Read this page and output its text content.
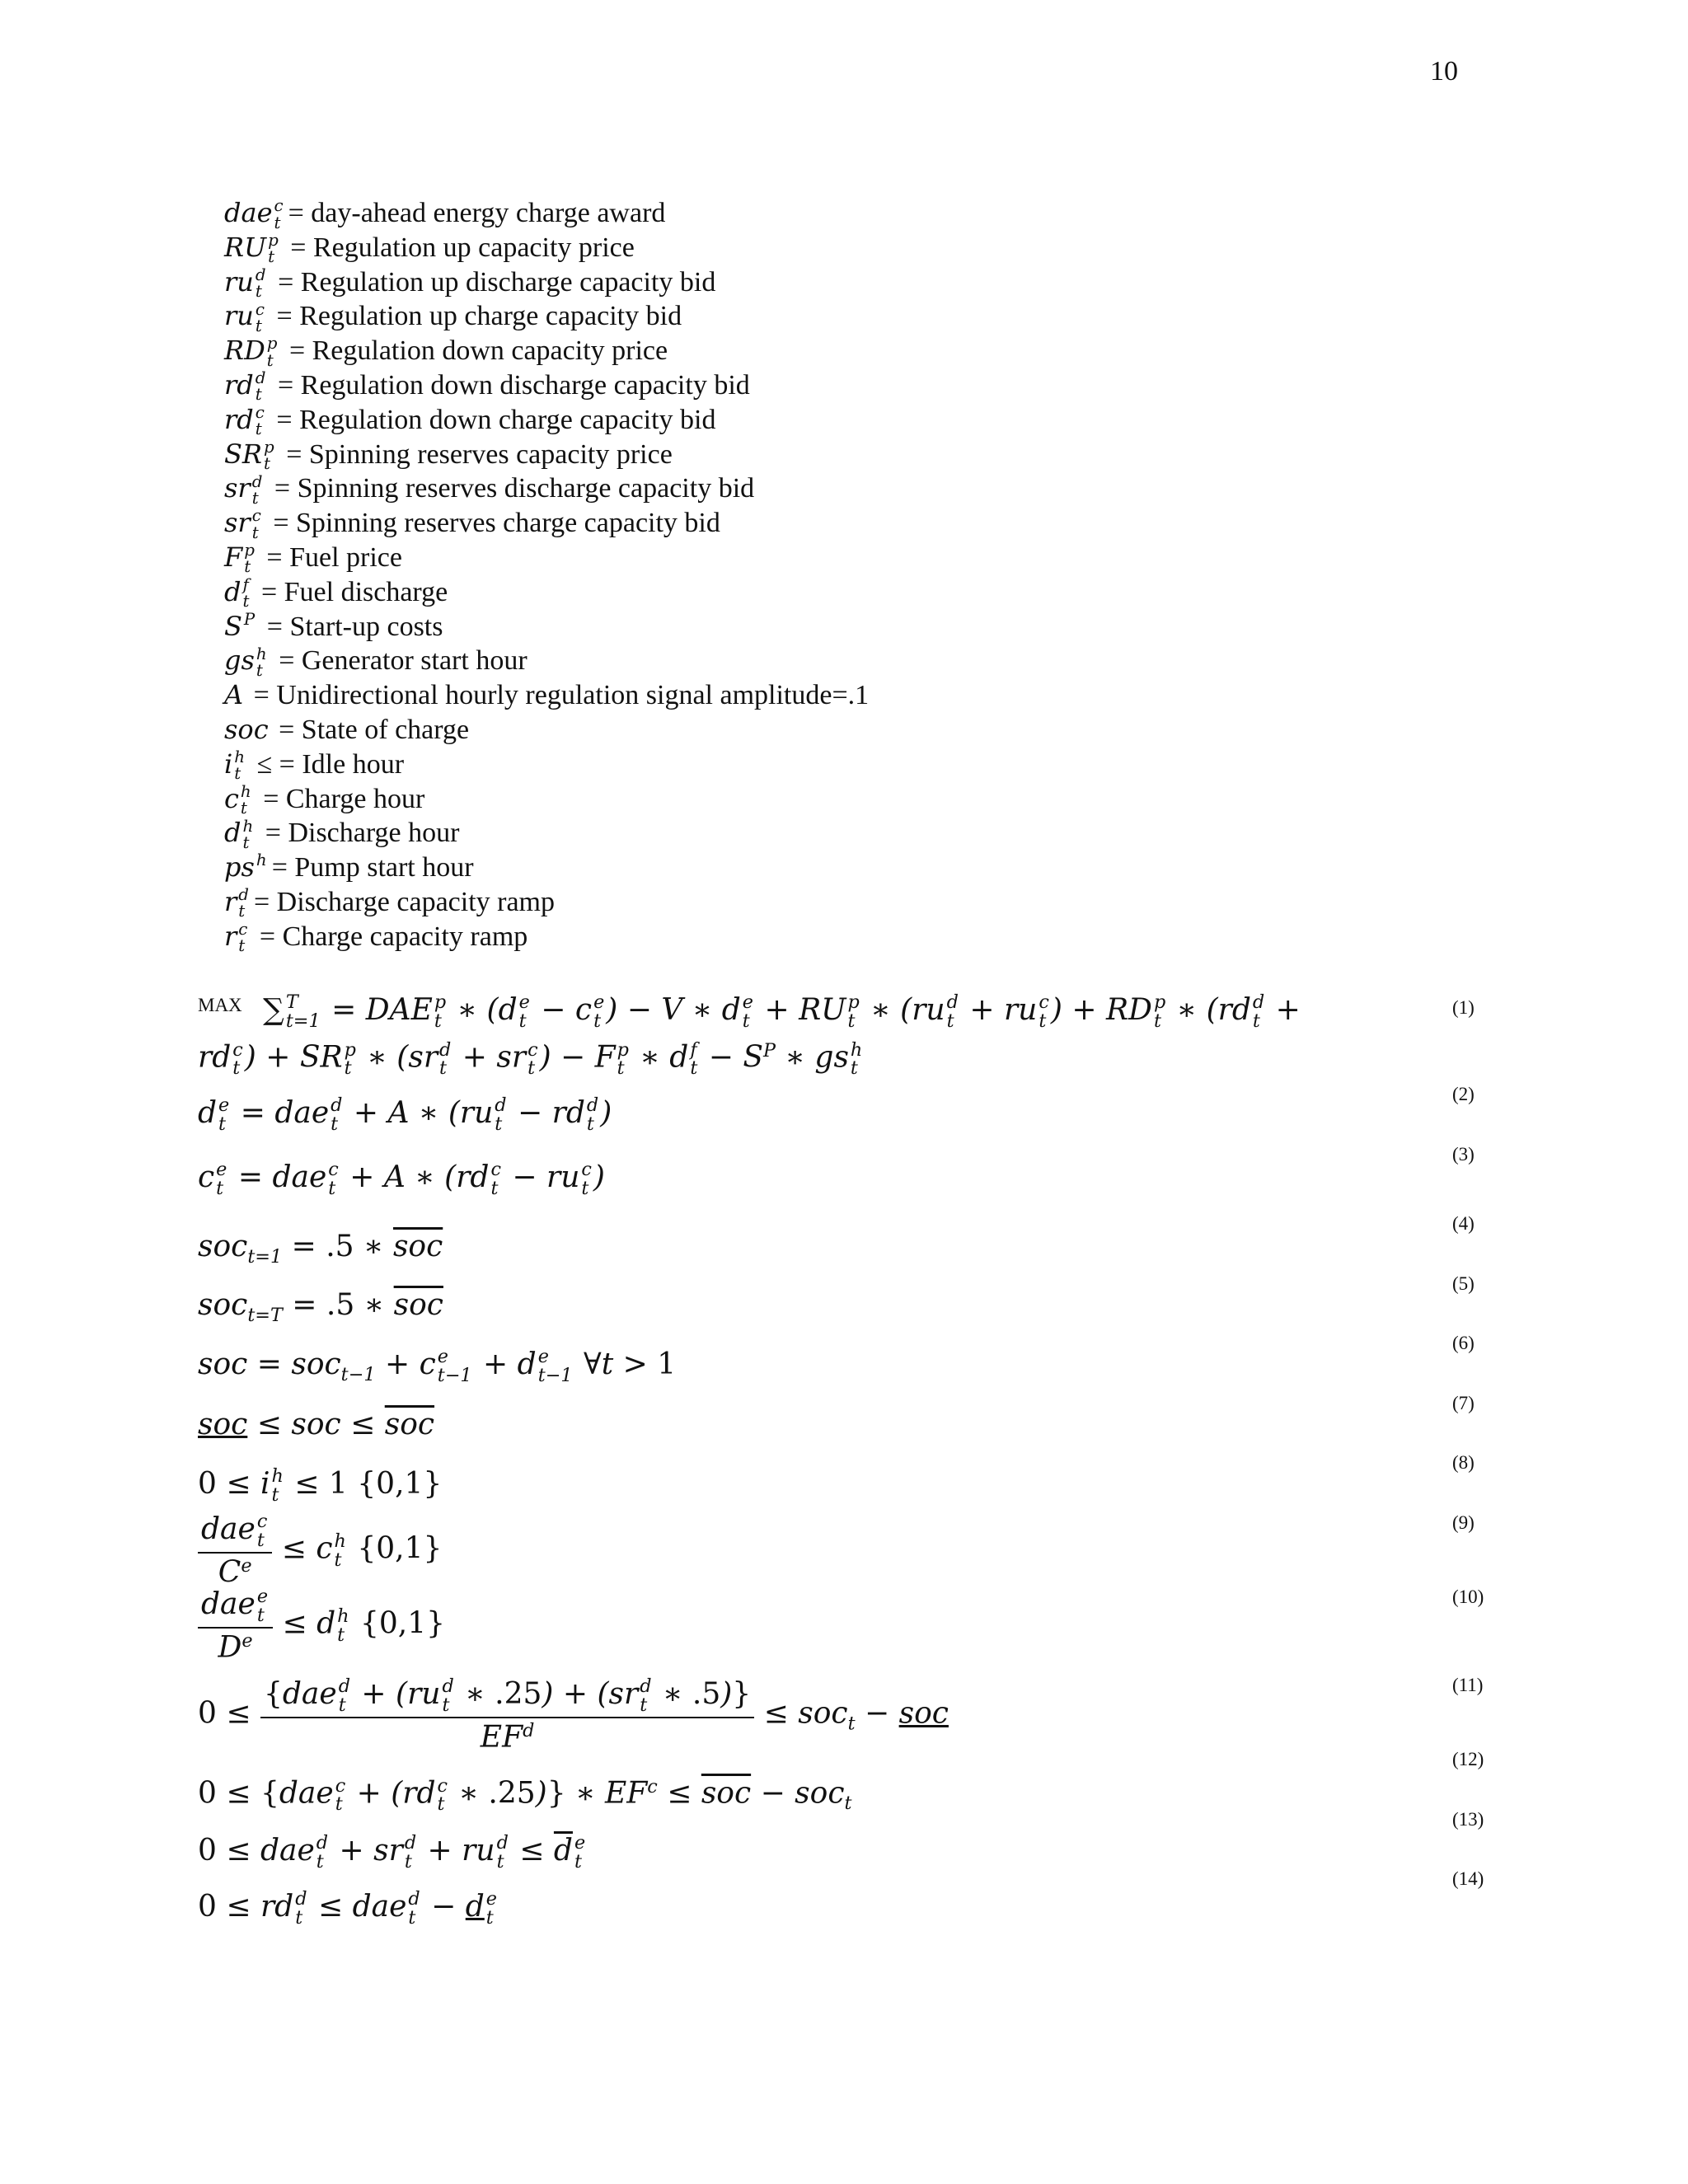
10
dae c
t = day-ahead energy charge award
RU p
t = Regulation up capacity price
ru d
t = Regulation up discharge capacity bid
ru c
t = Regulation up charge capacity bid
RD p
t = Regulation down capacity price
rd d
t = Regulation down discharge capacity bid
rd c
t = Regulation down charge capacity bid
SR p
t = Spinning reserves capacity price
sr d
t = Spinning reserves discharge capacity bid
sr c
t = Spinning reserves charge capacity bid
F p
t = Fuel price
d f
t = Fuel discharge
S P
= Start-up costs
gs h
t = Generator start hour
A = Unidirectional hourly regulation signal amplitude=.1
soc = State of charge
i h
t ≤ = Idle hour
c h
t = Charge hour
d h
t = Discharge hour
ps h
= Pump start hour
r d
t = Discharge capacity ramp
r c
t = Charge capacity ramp
$^{MAX}$ ∑ T
t=1 = DAE p
t ∗ (d e
t − c e
t ) − V ∗ d e
t + RU p
t ∗ (ru d
t + ru c
t ) + RD p
t ∗ (rd d
t +
rd c
t ) + SR p
t ∗ (sr d
t + sr c
t ) − F p
t ∗ d f
$t - S^P$ ∗ gs h
t
(1)
d e
t = dae d
t + A ∗ (ru d
t − rd d
t )
(2)
c e
t = dae c
t + A ∗ (rd c
t − ru c
t )
(3)
soc$_{t=1}$ = .5 ∗ $\overline{soc}$
(4)
soc$_{t=T}$ = .5 ∗ $\overline{soc}$
(5)
soc = soc$_{t-1}$ + c e
t−1 + d e
t−1 ∀t > 1
(6)
soc ≤ soc ≤ $\overline{soc}$
(7)
0 ≤ i h
t ≤ 1 {0,1}
(8)
dae c
t
$C^e \le c$ h
t {0,1}
(9)
dae e
t
$D^e \le d$ h
t {0,1}
(10)
0 ≤ {dae d
t + (ru d
t ∗ .25) + (sr d
t ∗ .5)}
$EF^d \le soc_t$ − soc
(11)
0 ≤ {dae c
t + (rd c
t ∗ .25)} ∗ $EF^c \le \overline{soc} - soc_t$
(12)
0 ≤ dae d
t + sr d
t + ru d
t ≤ d e
t
(13)
0 ≤ rd d
t ≤ dae d
t − d e
t
(14)
